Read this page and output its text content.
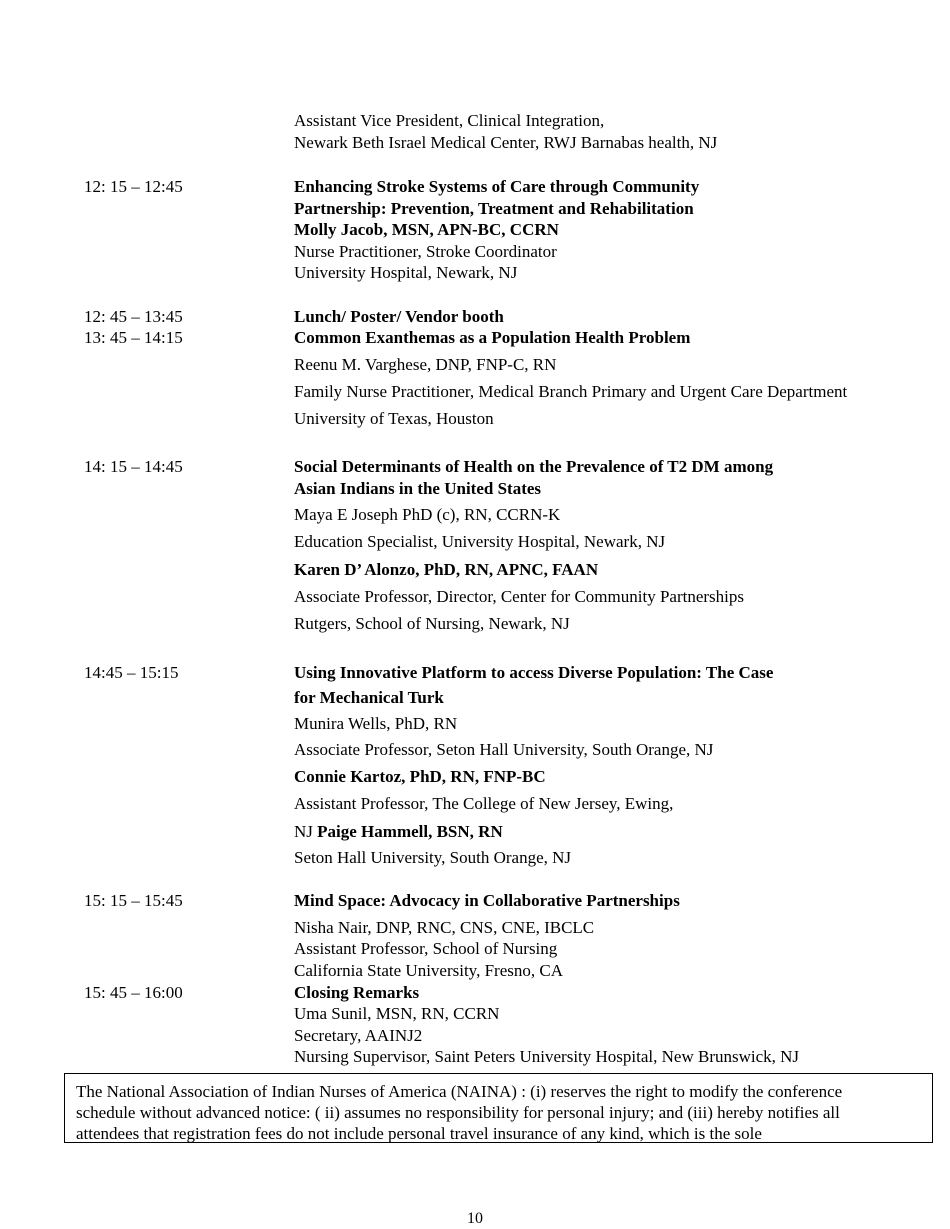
Assistant Vice President, Clinical Integration,
Newark Beth Israel Medical Center, RWJ Barnabas health, NJ
12: 15 – 12:45	Enhancing Stroke Systems of Care through Community
Partnership: Prevention, Treatment and Rehabilitation
Molly Jacob, MSN, APN-BC, CCRN
Nurse Practitioner, Stroke Coordinator
University Hospital, Newark, NJ
12: 45 – 13:45	Lunch/ Poster/ Vendor booth
13: 45 – 14:15	Common Exanthemas as a Population Health Problem
Reenu M. Varghese, DNP, FNP-C, RN
Family Nurse Practitioner, Medical Branch Primary and Urgent Care Department
University of Texas, Houston
14: 15 – 14:45	Social Determinants of Health on the Prevalence of T2 DM among
Asian Indians in the United States
Maya E Joseph PhD (c), RN, CCRN-K
Education Specialist, University Hospital, Newark, NJ
Karen D’ Alonzo, PhD, RN, APNC, FAAN
Associate Professor, Director, Center for Community Partnerships
Rutgers, School of Nursing, Newark, NJ
14:45 – 15:15	Using Innovative Platform to access Diverse Population: The Case
for Mechanical Turk
Munira Wells, PhD, RN
Associate Professor, Seton Hall University, South Orange, NJ
Connie Kartoz, PhD, RN, FNP-BC
Assistant Professor, The College of New Jersey, Ewing,
NJ Paige Hammell, BSN, RN
Seton Hall University, South Orange, NJ
15: 15 – 15:45	Mind Space: Advocacy in Collaborative Partnerships
Nisha Nair, DNP, RNC, CNS, CNE, IBCLC
Assistant Professor, School of Nursing
California State University, Fresno, CA
15: 45 – 16:00	Closing Remarks
Uma Sunil, MSN, RN, CCRN
Secretary, AAINJ2
Nursing Supervisor, Saint Peters University Hospital, New Brunswick, NJ
The National Association of Indian Nurses of America (NAINA) : (i) reserves the right to modify the conference
schedule without advanced notice: ( ii) assumes no responsibility for personal injury; and (iii) hereby notifies all
attendees that registration fees do not include personal travel insurance of any kind, which is the sole
10
